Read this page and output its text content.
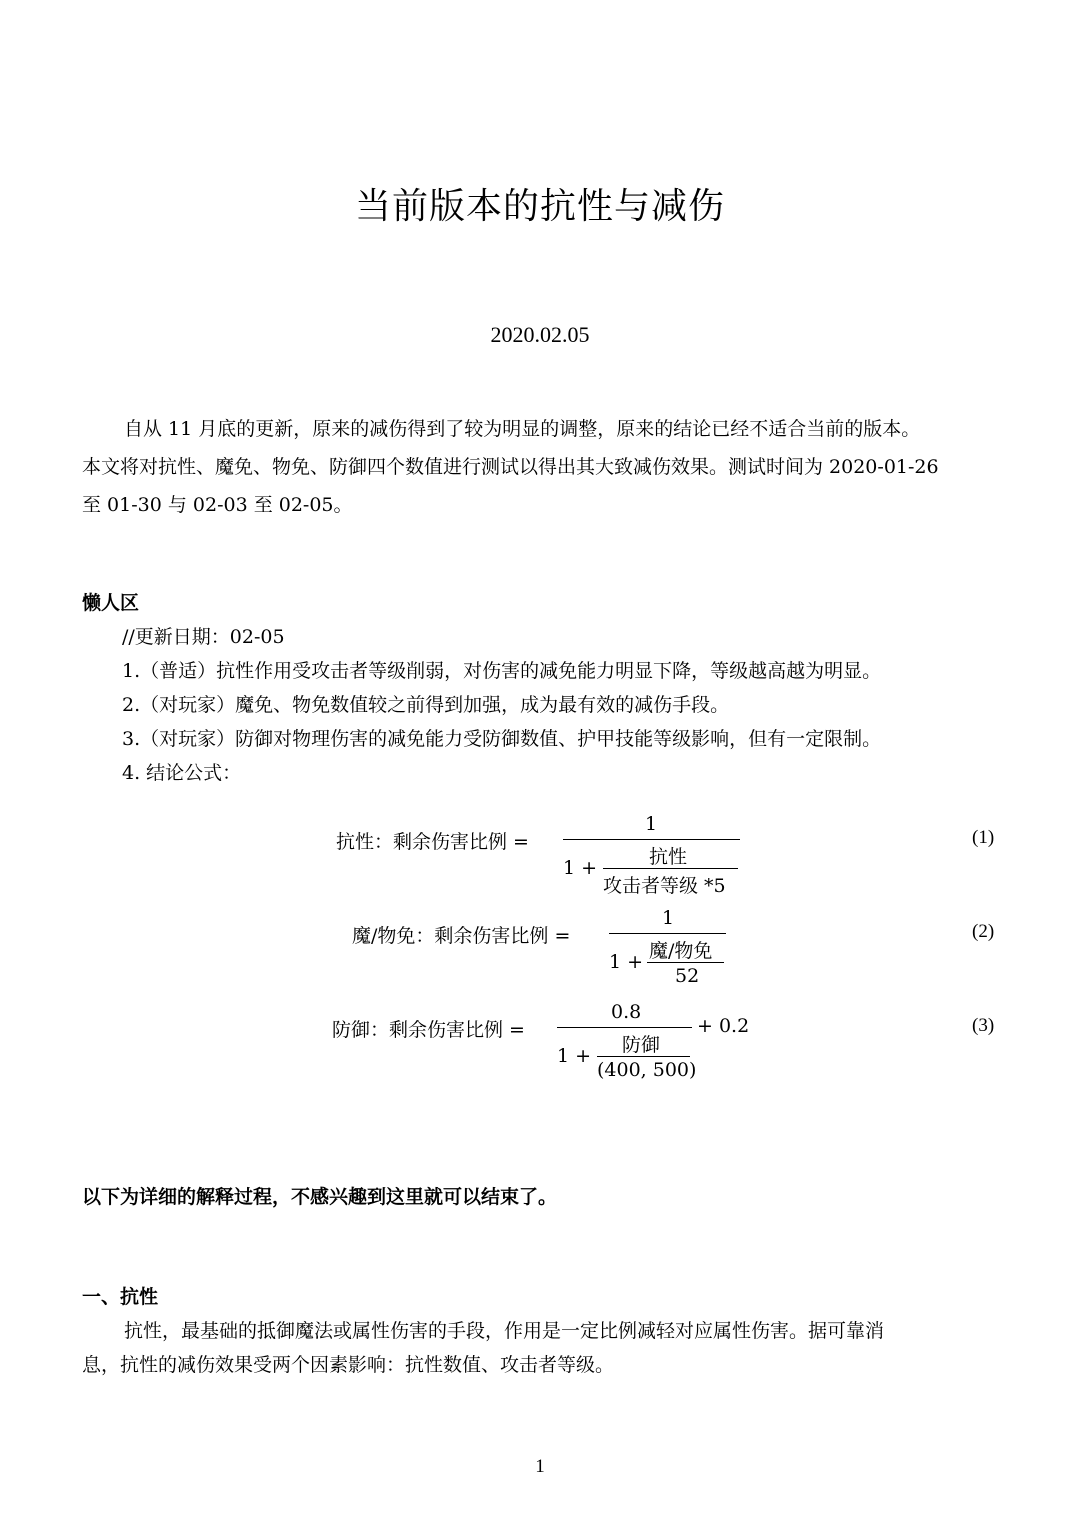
当前版本的抗性与减伤
2020.02.05
自从 11 月底的更新，原来的减伤得到了较为明显的调整，原来的结论已经不适合当前的版本。
本文将对抗性、魔免、物免、防御四个数值进行测试以得出其大致减伤效果。测试时间为 2020-01-26
至 01-30 与 02-03 至 02-05。
懒人区
//更新日期：02-05
1.（普适）抗性作用受攻击者等级削弱，对伤害的减免能力明显下降，等级越高越为明显。
2.（对玩家）魔免、物免数值较之前得到加强，成为最有效的减伤手段。
3.（对玩家）防御对物理伤害的减免能力受防御数值、护甲技能等级影响，但有一定限制。
4. 结论公式：
抗性：剩余伤害比例 =
1
1 +	抗性
攻击者等级 *5
(1)
魔/物免：剩余伤害比例 =
1
1 + 魔/物免
52
(2)
防御：剩余伤害比例 =
0.8
1 + 防御
(400, 500)
+ 0.2	(3)
以下为详细的解释过程，不感兴趣到这里就可以结束了。
一、抗性
抗性，最基础的抵御魔法或属性伤害的手段，作用是一定比例减轻对应属性伤害。据可靠消
息，抗性的减伤效果受两个因素影响：抗性数值、攻击者等级。
1
